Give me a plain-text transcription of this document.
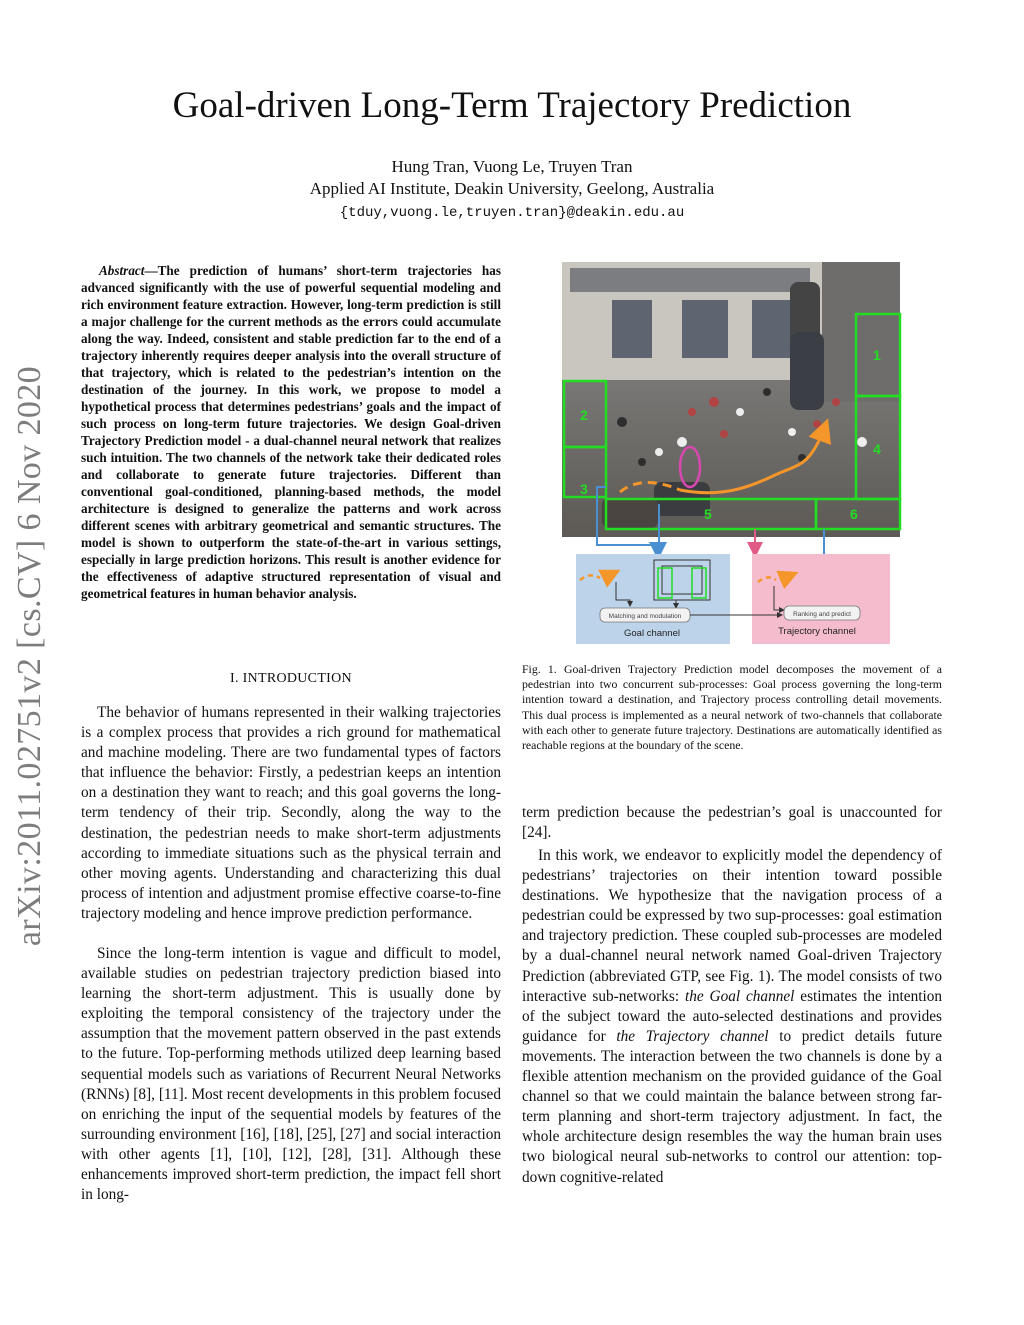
arXiv:2011.02751v2 [cs.CV] 6 Nov 2020
Goal-driven Long-Term Trajectory Prediction
Hung Tran, Vuong Le, Truyen Tran
Applied AI Institute, Deakin University, Geelong, Australia
{tduy,vuong.le,truyen.tran}@deakin.edu.au

Abstract—The prediction of humans’ short-term trajectories has advanced significantly with the use of powerful sequential modeling and rich environment feature extraction. However, long-term prediction is still a major challenge for the current methods as the errors could accumulate along the way. Indeed, consistent and stable prediction far to the end of a trajectory inherently requires deeper analysis into the overall structure of that trajectory, which is related to the pedestrian’s intention on the destination of the journey. In this work, we propose to model a hypothetical process that determines pedestrians’ goals and the impact of such process on long-term future trajectories. We design Goal-driven Trajectory Prediction model - a dual-channel neural network that realizes such intuition. The two channels of the network take their dedicated roles and collaborate to generate future trajectories. Different than conventional goal-conditioned, planning-based methods, the model architecture is designed to generalize the patterns and work across different scenes with arbitrary geometrical and semantic structures. The model is shown to outperform the state-of-the-art in various settings, especially in large prediction horizons. This result is another evidence for the effectiveness of adaptive structured representation of visual and geometrical features in human behavior analysis.

I. INTRODUCTION

The behavior of humans represented in their walking trajectories is a complex process that provides a rich ground for mathematical and machine modeling. There are two fundamental types of factors that influence the behavior: Firstly, a pedestrian keeps an intention on a destination they want to reach; and this goal governs the long-term tendency of their trip. Secondly, along the way to the destination, the pedestrian needs to make short-term adjustments according to immediate situations such as the physical terrain and other moving agents. Understanding and characterizing this dual process of intention and adjustment promise effective coarse-to-fine trajectory modeling and hence improve prediction performance.

Since the long-term intention is vague and difficult to model, available studies on pedestrian trajectory prediction biased into learning the short-term adjustment. This is usually done by exploiting the temporal consistency of the trajectory under the assumption that the movement pattern observed in the past extends to the future. Top-performing methods utilized deep learning based sequential models such as variations of Recurrent Neural Networks (RNNs) [8], [11]. Most recent developments in this problem focused on enriching the input of the sequential models by features of the surrounding environment [16], [18], [25], [27] and social interaction with other agents [1], [10], [12], [28], [31]. Although these enhancements improved short-term prediction, the impact fell short in long-

1
2
3
4
5	6
Matching and modulation
Goal channel
Ranking and predict
Trajectory channel

Fig. 1. Goal-driven Trajectory Prediction model decomposes the movement of a pedestrian into two concurrent sub-processes: Goal process governing the long-term intention toward a destination, and Trajectory process controlling detail movements. This dual process is implemented as a neural network of two-channels that collaborate with each other to generate future trajectory. Destinations are automatically identified as reachable regions at the boundary of the scene.

term prediction because the pedestrian’s goal is unaccounted for [24].

In this work, we endeavor to explicitly model the dependency of pedestrians’ trajectories on their intention toward possible destinations. We hypothesize that the navigation process of a pedestrian could be expressed by two sup-processes: goal estimation and trajectory prediction. These coupled sub-processes are modeled by a dual-channel neural network named Goal-driven Trajectory Prediction (abbreviated GTP, see Fig. 1). The model consists of two interactive sub-networks: the Goal channel estimates the intention of the subject toward the auto-selected destinations and provides guidance for the Trajectory channel to predict details future movements. The interaction between the two channels is done by a flexible attention mechanism on the provided guidance of the Goal channel so that we could maintain the balance between strong far-term planning and short-term trajectory adjustment. In fact, the whole architecture design resembles the way the human brain uses two biological neural sub-networks to control our attention: top-down cognitive-related
